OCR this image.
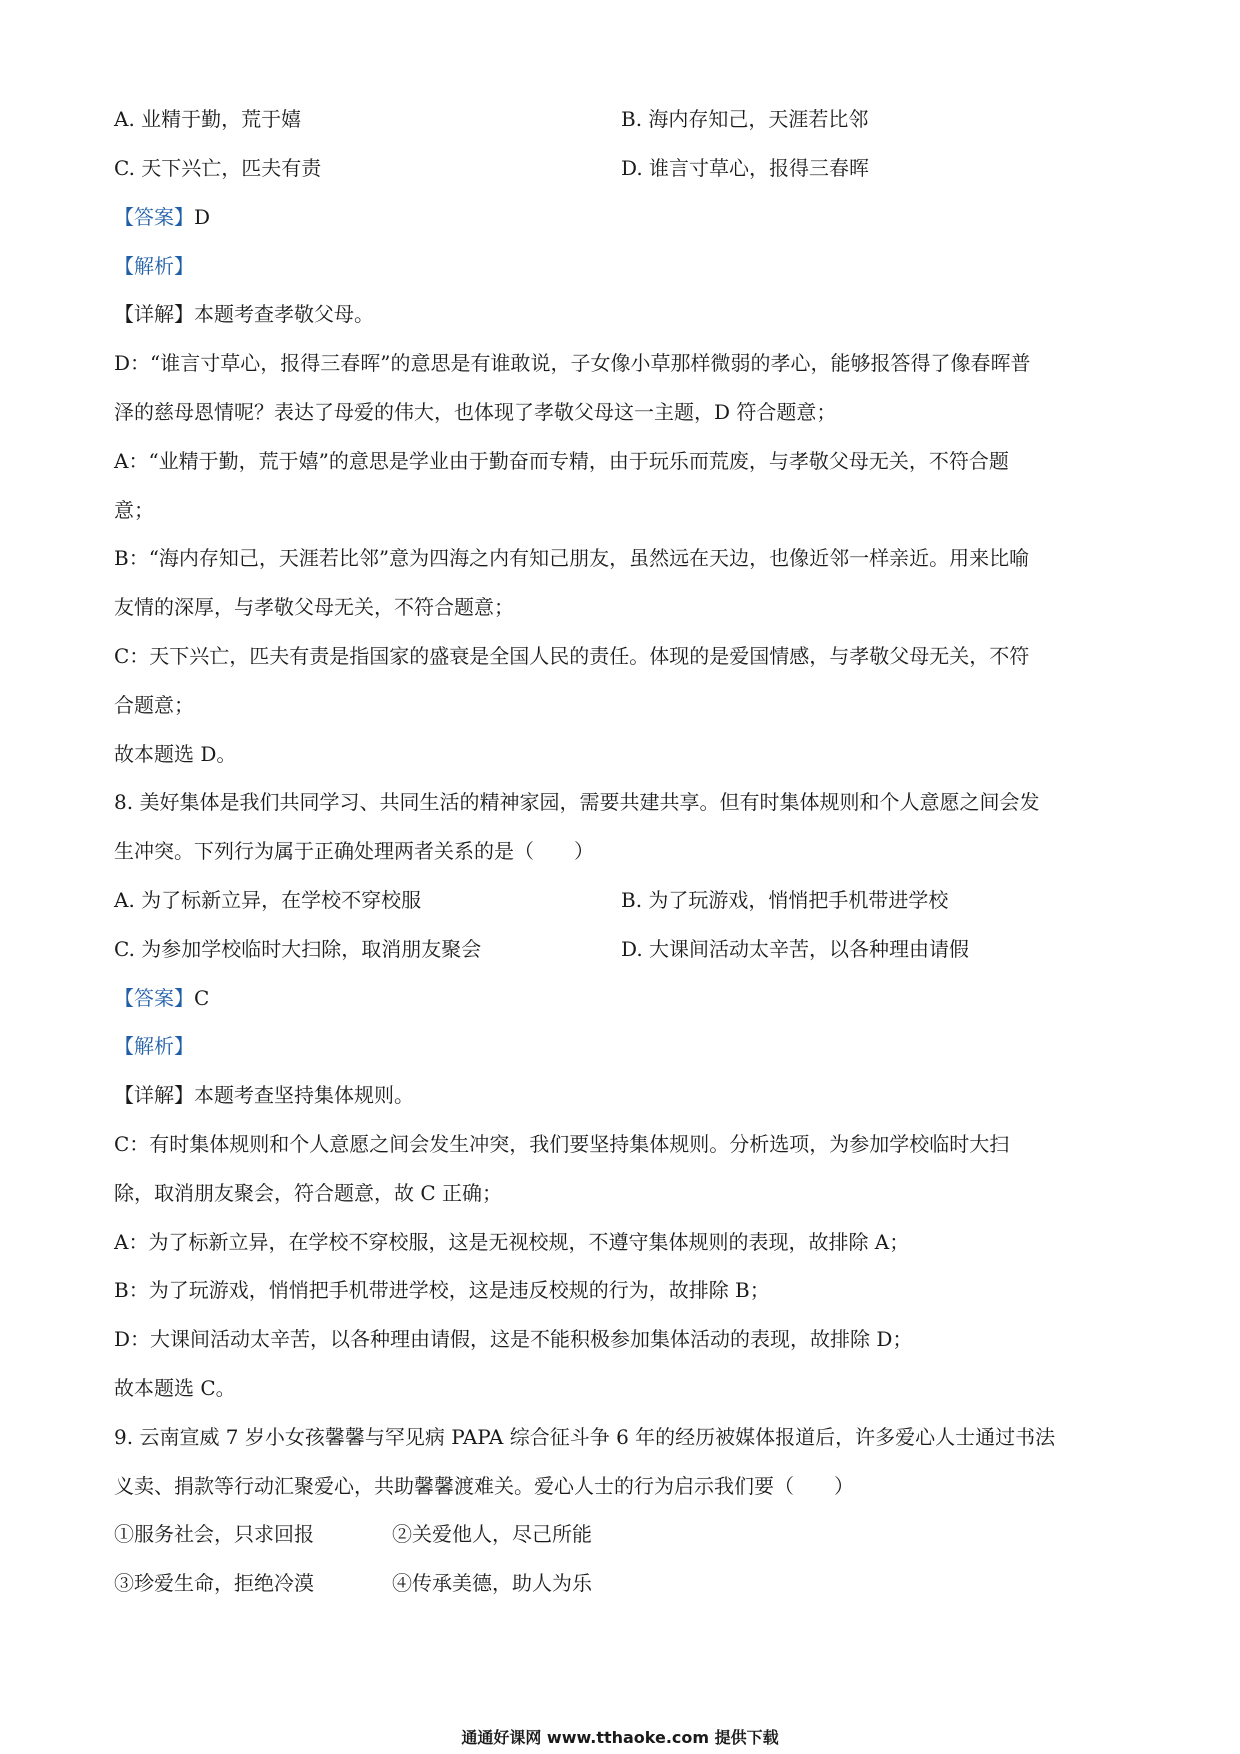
A. 业精于勤，荒于嬉	B. 海内存知己，天涯若比邻
C. 天下兴亡，匹夫有责	D. 谁言寸草心，报得三春晖
【答案】D
【解析】
【详解】本题考查孝敬父母。
D：“谁言寸草心，报得三春晖”的意思是有谁敢说，子女像小草那样微弱的孝心，能够报答得了像春晖普
泽的慈母恩情呢？表达了母爱的伟大，也体现了孝敬父母这一主题，D 符合题意；
A：“业精于勤，荒于嬉”的意思是学业由于勤奋而专精，由于玩乐而荒废，与孝敬父母无关，不符合题
意；
B：“海内存知己，天涯若比邻”意为四海之内有知己朋友，虽然远在天边，也像近邻一样亲近。用来比喻
友情的深厚，与孝敬父母无关，不符合题意；
C：天下兴亡，匹夫有责是指国家的盛衰是全国人民的责任。体现的是爱国情感，与孝敬父母无关，不符
合题意；
故本题选 D。
8. 美好集体是我们共同学习、共同生活的精神家园，需要共建共享。但有时集体规则和个人意愿之间会发
生冲突。下列行为属于正确处理两者关系的是（　　）
A. 为了标新立异，在学校不穿校服	B. 为了玩游戏，悄悄把手机带进学校
C. 为参加学校临时大扫除，取消朋友聚会	D. 大课间活动太辛苦，以各种理由请假
【答案】C
【解析】
【详解】本题考查坚持集体规则。
C：有时集体规则和个人意愿之间会发生冲突，我们要坚持集体规则。分析选项，为参加学校临时大扫
除，取消朋友聚会，符合题意，故 C 正确；
A：为了标新立异，在学校不穿校服，这是无视校规，不遵守集体规则的表现，故排除 A；
B：为了玩游戏，悄悄把手机带进学校，这是违反校规的行为，故排除 B；
D：大课间活动太辛苦，以各种理由请假，这是不能积极参加集体活动的表现，故排除 D；
故本题选 C。
9. 云南宣威 7 岁小女孩馨馨与罕见病 PAPA 综合征斗争 6 年的经历被媒体报道后，许多爱心人士通过书法
义卖、捐款等行动汇聚爱心，共助馨馨渡难关。爱心人士的行为启示我们要（　　）
①服务社会，只求回报	②关爱他人，尽己所能
③珍爱生命，拒绝冷漠	④传承美德，助人为乐
通通好课网 www.tthaoke.com 提供下载
